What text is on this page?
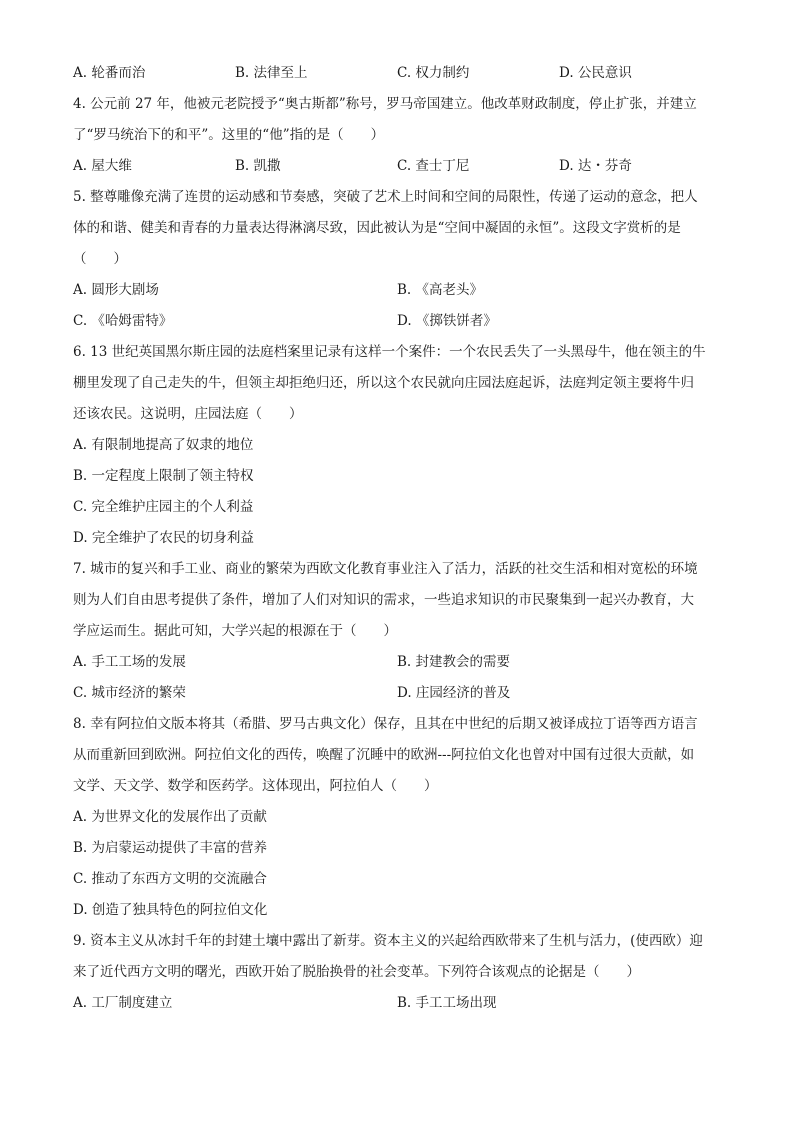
A. 轮番而治	B. 法律至上	C. 权力制约	D. 公民意识
4. 公元前 27 年，他被元老院授予“奥古斯都”称号，罗马帝国建立。他改革财政制度，停止扩张，并建立
了“罗马统治下的和平”。这里的“他”指的是（　　）
A. 屋大维	B. 凯撒	C. 查士丁尼	D. 达・芬奇
5. 整尊雕像充满了连贯的运动感和节奏感，突破了艺术上时间和空间的局限性，传递了运动的意念，把人
体的和谐、健美和青春的力量表达得淋漓尽致，因此被认为是“空间中凝固的永恒”。这段文字赏析的是
（　　）
A. 圆形大剧场	B. 《高老头》
C. 《哈姆雷特》	D. 《掷铁饼者》
6. 13 世纪英国黑尔斯庄园的法庭档案里记录有这样一个案件：一个农民丢失了一头黑母牛，他在领主的牛
棚里发现了自己走失的牛，但领主却拒绝归还，所以这个农民就向庄园法庭起诉，法庭判定领主要将牛归
还该农民。这说明，庄园法庭（　　）
A. 有限制地提高了奴隶的地位
B. 一定程度上限制了领主特权
C. 完全维护庄园主的个人利益
D. 完全维护了农民的切身利益
7. 城市的复兴和手工业、商业的繁荣为西欧文化教育事业注入了活力，活跃的社交生活和相对宽松的环境
则为人们自由思考提供了条件，增加了人们对知识的需求，一些追求知识的市民聚集到一起兴办教育，大
学应运而生。据此可知，大学兴起的根源在于（　　）
A. 手工工场的发展	B. 封建教会的需要
C. 城市经济的繁荣	D. 庄园经济的普及
8. 幸有阿拉伯文版本将其（希腊、罗马古典文化）保存，且其在中世纪的后期又被译成拉丁语等西方语言
从而重新回到欧洲。阿拉伯文化的西传，唤醒了沉睡中的欧洲---阿拉伯文化也曾对中国有过很大贡献，如
文学、天文学、数学和医药学。这体现出，阿拉伯人（　　）
A. 为世界文化的发展作出了贡献
B. 为启蒙运动提供了丰富的营养
C. 推动了东西方文明的交流融合
D. 创造了独具特色的阿拉伯文化
9. 资本主义从冰封千年的封建土壤中露出了新芽。资本主义的兴起给西欧带来了生机与活力，(使西欧）迎
来了近代西方文明的曙光，西欧开始了脱胎换骨的社会变革。下列符合该观点的论据是（　　）
A. 工厂制度建立	B. 手工工场出现
